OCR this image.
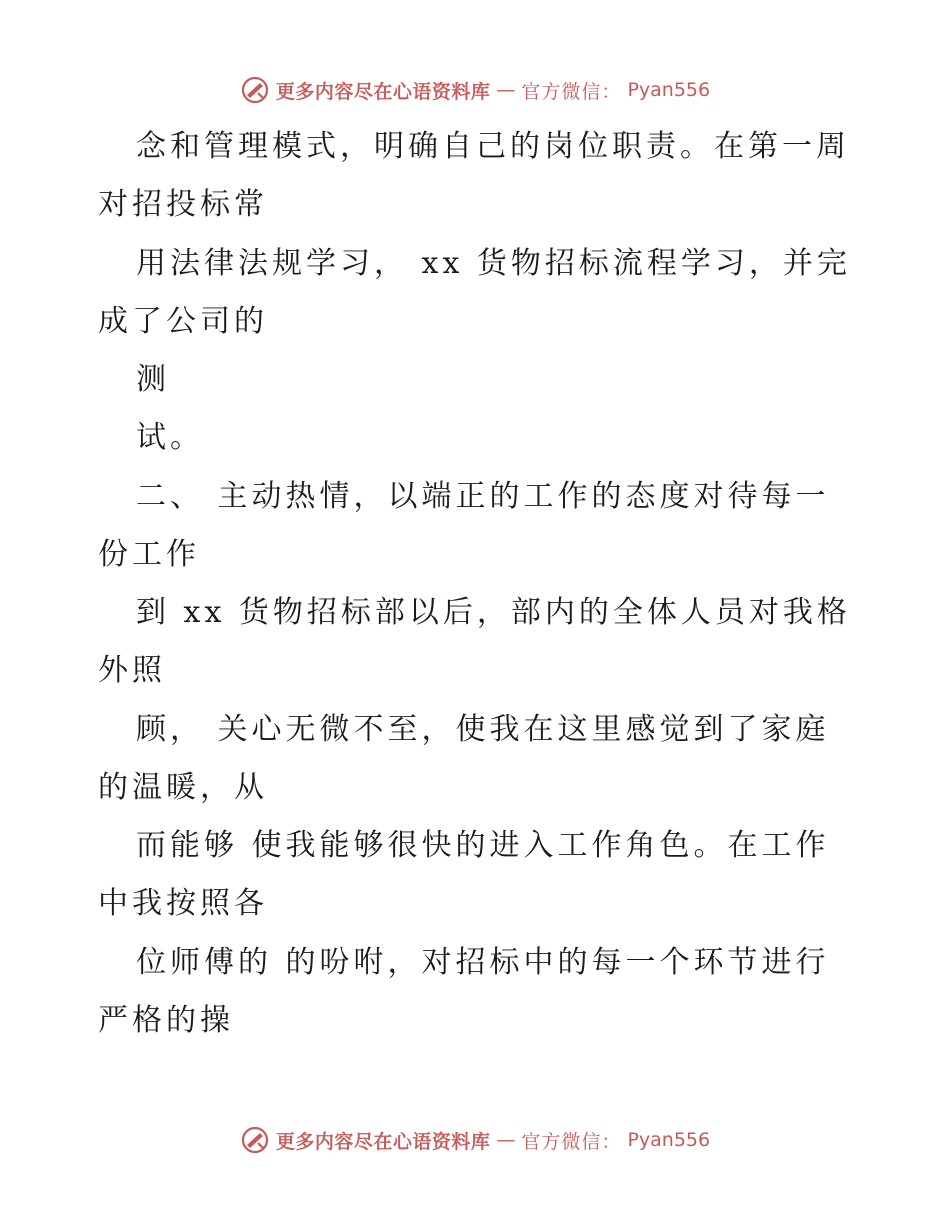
更多内容尽在心语资料库 — 官方微信： Pyan556
念和管理模式，明确自己的岗位职责。在第一周
对招投标常
用法律法规学习， xx 货物招标流程学习，并完
成了公司的
测
试。
二、 主动热情，以端正的工作的态度对待每一
份工作
到 xx 货物招标部以后，部内的全体人员对我格
外照
顾， 关心无微不至，使我在这里感觉到了家庭
的温暖，从
而能够 使我能够很快的进入工作角色。在工作
中我按照各
位师傅的 的吩咐，对招标中的每一个环节进行
严格的操
更多内容尽在心语资料库 — 官方微信： Pyan556
